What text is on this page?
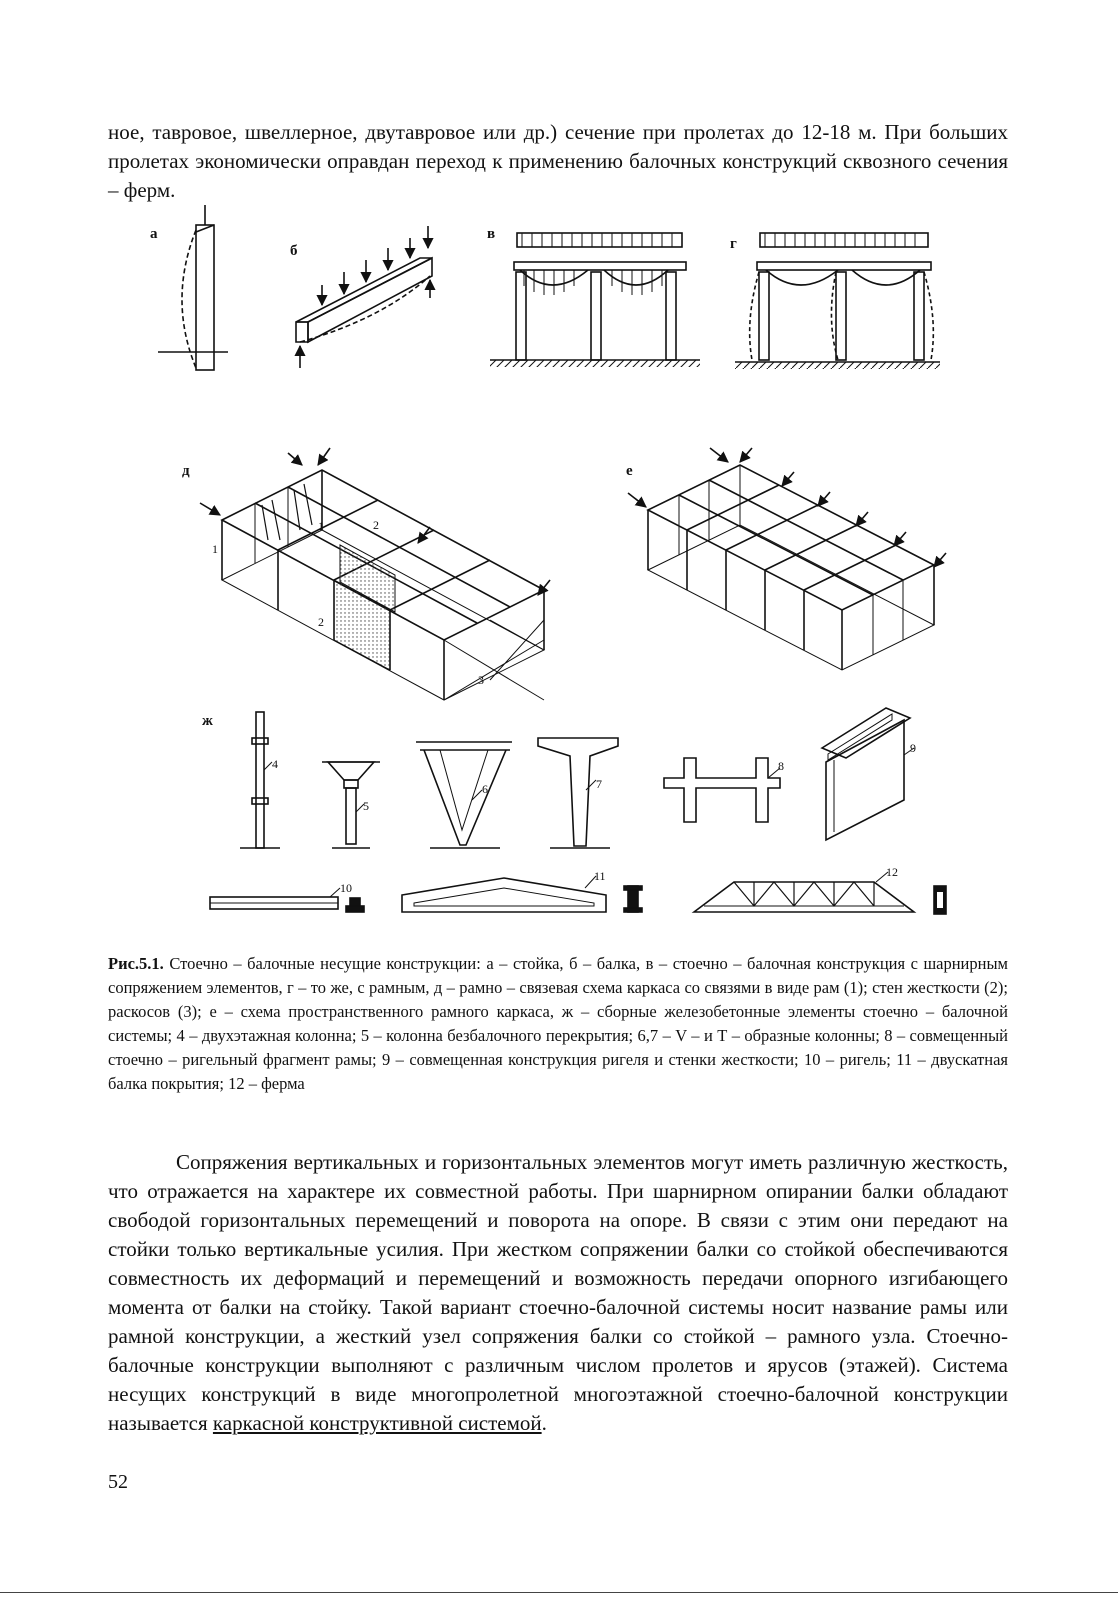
ное, тавровое, швеллерное, двутавровое или др.) сечение при пролетах до 12-18 м. При больших пролетах экономически оправдан переход к применению балочных конструкций сквозного сечения – ферм.
а
б
в
г
д
1
1	2
2
3
е
ж
4
5
6	7
8
9
10
11	12
Рис.5.1. Стоечно – балочные несущие конструкции: а – стойка, б – балка, в – стоечно – балочная конструкция с шарнирным сопряжением элементов, г – то же, с рамным, д – рамно – связевая схема каркаса со связями в виде рам (1); стен жесткости (2); раскосов (3); е – схема пространственного рамного каркаса, ж – сборные железобетонные элементы стоечно – балочной системы; 4 – двухэтажная колонна; 5 – колонна безбалочного перекрытия; 6,7 – V – и Т – образные колонны; 8 – совмещенный стоечно – ригельный фрагмент рамы; 9 – совмещенная конструкция ригеля и стенки жесткости; 10 – ригель; 11 – двускатная балка покрытия; 12 – ферма
Сопряжения вертикальных и горизонтальных элементов могут иметь различную жесткость, что отражается на характере их совместной работы. При шарнирном опирании балки обладают свободой горизонтальных перемещений и поворота на опоре. В связи с этим они передают на стойки только вертикальные усилия. При жестком сопряжении балки со стойкой обеспечиваются совместность их деформаций и перемещений и возможность передачи опорного изгибающего момента от балки на стойку. Такой вариант стоечно-балочной системы носит название рамы или рамной конструкции, а жесткий узел сопряжения балки со стойкой – рамного узла. Стоечно-балочные конструкции выполняют с различным числом пролетов и ярусов (этажей). Система несущих конструкций в виде многопролетной многоэтажной стоечно-балочной конструкции называется каркасной конструктивной системой.
52
